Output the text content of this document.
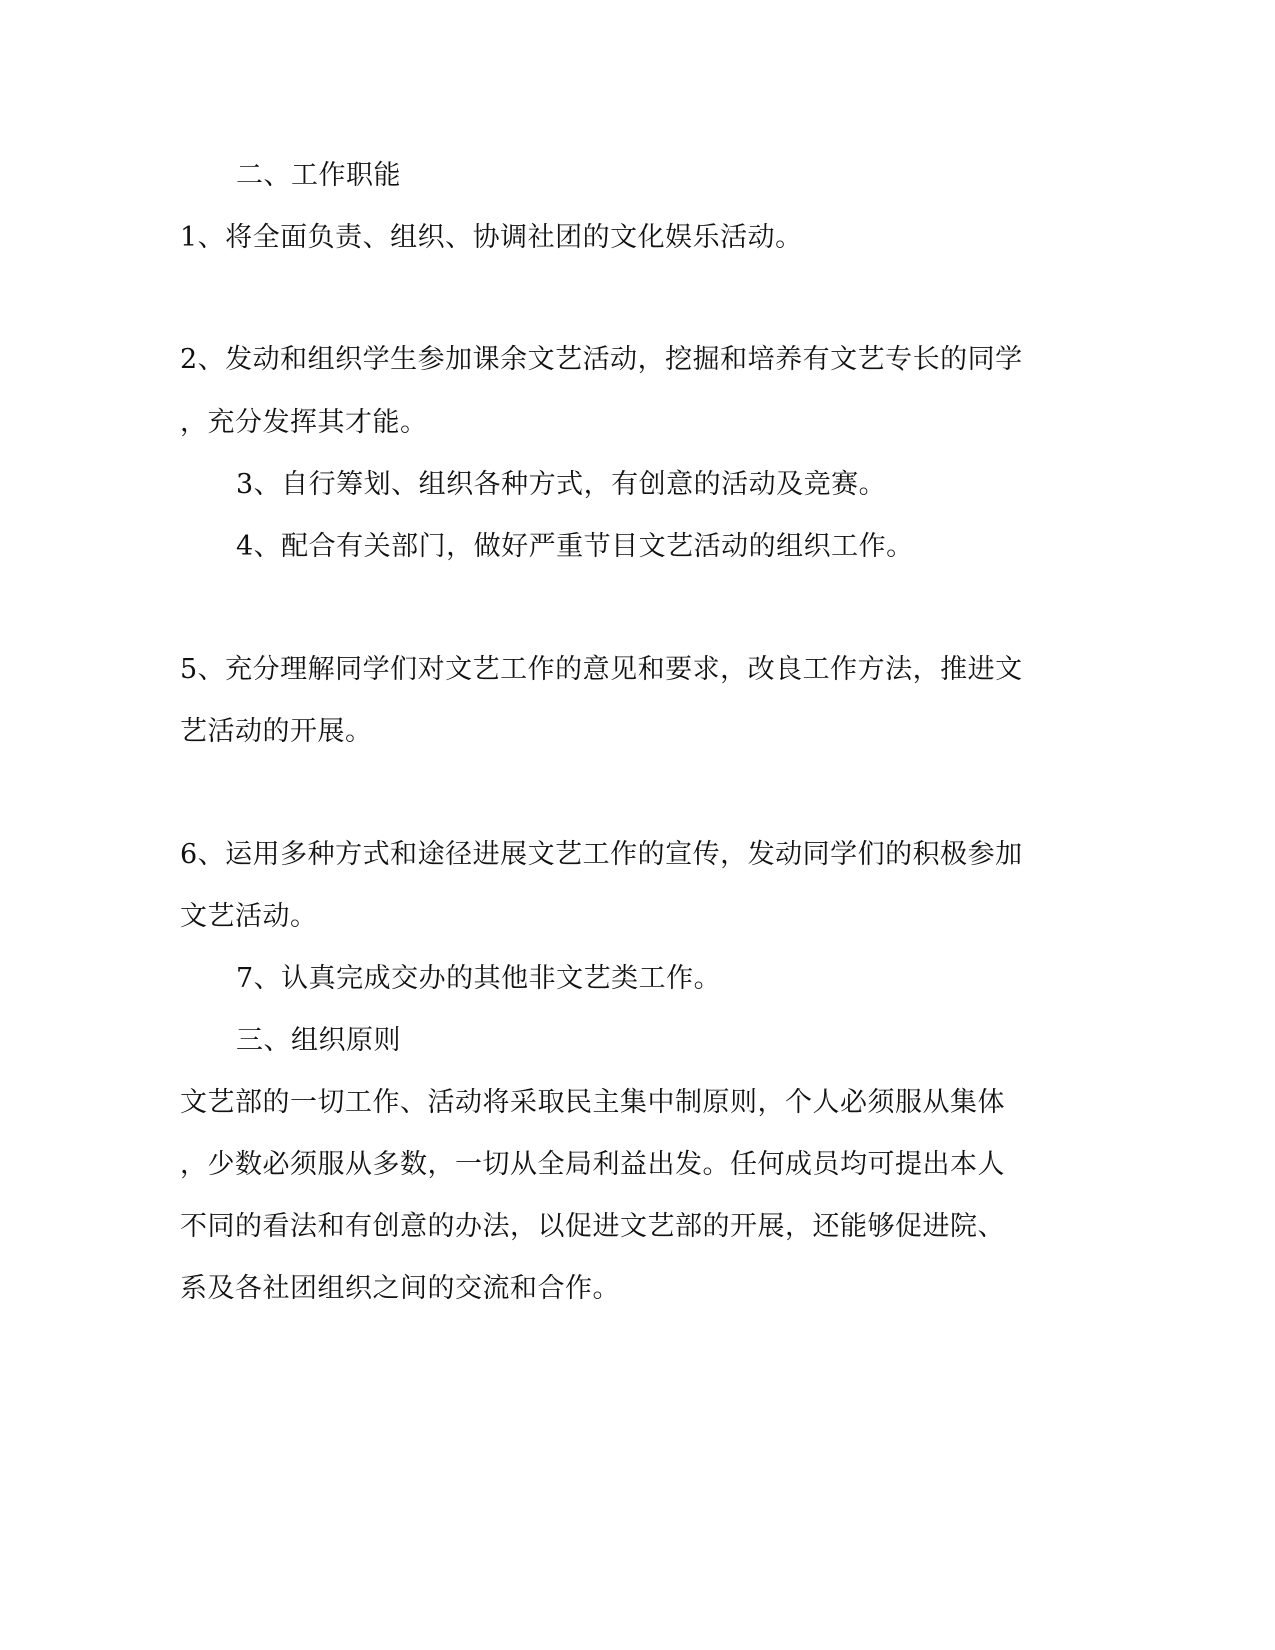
二、工作职能
1、将全面负责、组织、协调社团的文化娱乐活动。
2、发动和组织学生参加课余文艺活动，挖掘和培养有文艺专长的同学
，充分发挥其才能。
3、自行筹划、组织各种方式，有创意的活动及竞赛。
4、配合有关部门，做好严重节目文艺活动的组织工作。
5、充分理解同学们对文艺工作的意见和要求，改良工作方法，推进文
艺活动的开展。
6、运用多种方式和途径进展文艺工作的宣传，发动同学们的积极参加
文艺活动。
7、认真完成交办的其他非文艺类工作。
三、组织原则
文艺部的一切工作、活动将采取民主集中制原则，个人必须服从集体
，少数必须服从多数，一切从全局利益出发。任何成员均可提出本人
不同的看法和有创意的办法，以促进文艺部的开展，还能够促进院、
系及各社团组织之间的交流和合作。
